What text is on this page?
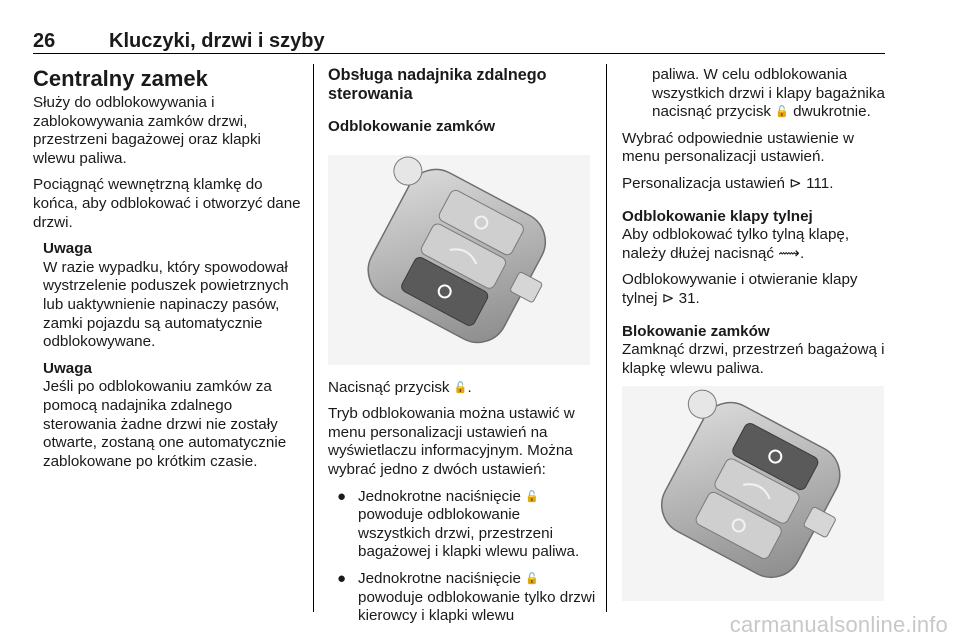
26	Kluczyki, drzwi i szyby
Centralny zamek

Służy do odblokowywania i zablokowywania zamków drzwi, przestrzeni bagażowej oraz klapki wlewu paliwa.

Pociągnąć wewnętrzną klamkę do końca, aby odblokować i otworzyć dane drzwi.

Uwaga
W razie wypadku, który spowodował wystrzelenie poduszek powietrznych lub uaktywnienie napinaczy pasów, zamki pojazdu są automatycznie odblokowywane.
Uwaga
Jeśli po odblokowaniu zamków za pomocą nadajnika zdalnego sterowania żadne drzwi nie zostały otwarte, zostaną one automatycznie zablokowane po krótkim czasie.
Obsługa nadajnika zdalnego sterowania
Odblokowanie zamków

Nacisnąć przycisk 🔓.

Tryb odblokowania można ustawić w menu personalizacji ustawień na wyświetlaczu informacyjnym. Można wybrać jedno z dwóch ustawień:

● Jednokrotne naciśnięcie 🔓 powoduje odblokowanie wszystkich drzwi, przestrzeni bagażowej i klapki wlewu paliwa.
● Jednokrotne naciśnięcie 🔓 powoduje odblokowanie tylko drzwi kierowcy i klapki wlewu

paliwa. W celu odblokowania wszystkich drzwi i klapy bagażnika nacisnąć przycisk 🔓 dwukrotnie.

Wybrać odpowiednie ustawienie w menu personalizacji ustawień.

Personalizacja ustawień ⊳ 111.

Odblokowanie klapy tylnej

Aby odblokować tylko tylną klapę, należy dłużej nacisnąć ⟿.

Odblokowywanie i otwieranie klapy tylnej ⊳ 31.

Blokowanie zamków

Zamknąć drzwi, przestrzeń bagażową i klapkę wlewu paliwa.

carmanualsonline.info
